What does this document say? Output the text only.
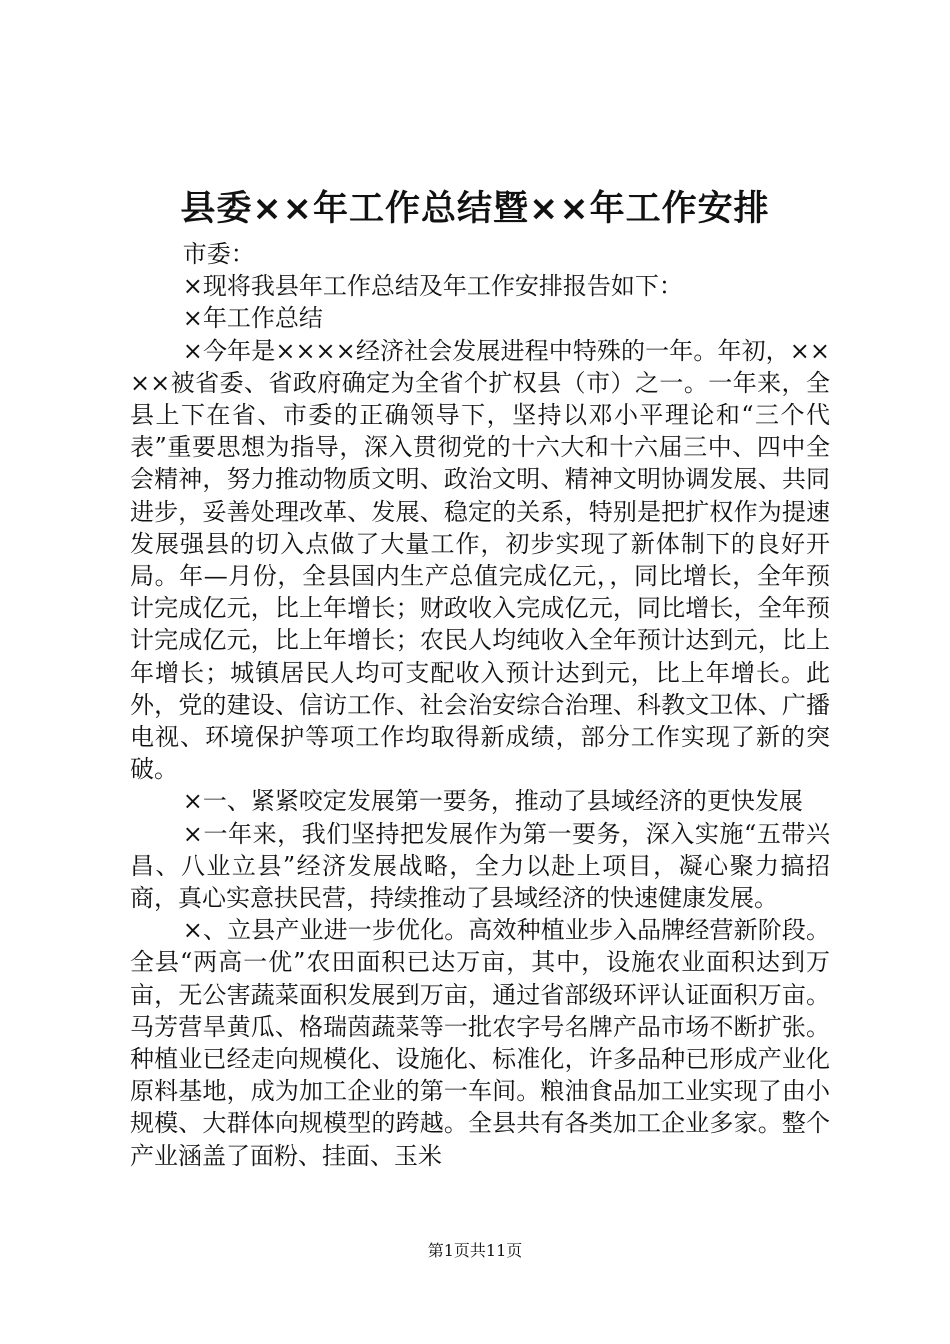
县委××年工作总结暨××年工作安排

市委：

×现将我县年工作总结及年工作安排报告如下：

×年工作总结

×今年是××××经济社会发展进程中特殊的一年。年初，××××被省委、省政府确定为全省个扩权县（市）之一。一年来，全县上下在省、市委的正确领导下，坚持以邓小平理论和“三个代表”重要思想为指导，深入贯彻党的十六大和十六届三中、四中全会精神，努力推动物质文明、政治文明、精神文明协调发展、共同进步，妥善处理改革、发展、稳定的关系，特别是把扩权作为提速发展强县的切入点做了大量工作，初步实现了新体制下的良好开局。年—月份，全县国内生产总值完成亿元，，同比增长，全年预计完成亿元，比上年增长；财政收入完成亿元，同比增长，全年预计完成亿元，比上年增长；农民人均纯收入全年预计达到元，比上年增长；城镇居民人均可支配收入预计达到元，比上年增长。此外，党的建设、信访工作、社会治安综合治理、科教文卫体、广播电视、环境保护等项工作均取得新成绩，部分工作实现了新的突破。

×一、紧紧咬定发展第一要务，推动了县域经济的更快发展

×一年来，我们坚持把发展作为第一要务，深入实施“五带兴昌、八业立县”经济发展战略，全力以赴上项目，凝心聚力搞招商，真心实意扶民营，持续推动了县域经济的快速健康发展。

×、立县产业进一步优化。高效种植业步入品牌经营新阶段。全县“两高一优”农田面积已达万亩，其中，设施农业面积达到万亩，无公害蔬菜面积发展到万亩，通过省部级环评认证面积万亩。马芳营旱黄瓜、格瑞茵蔬菜等一批农字号名牌产品市场不断扩张。种植业已经走向规模化、设施化、标准化，许多品种已形成产业化原料基地，成为加工企业的第一车间。粮油食品加工业实现了由小规模、大群体向规模型的跨越。全县共有各类加工企业多家。整个产业涵盖了面粉、挂面、玉米

第1页共11页
